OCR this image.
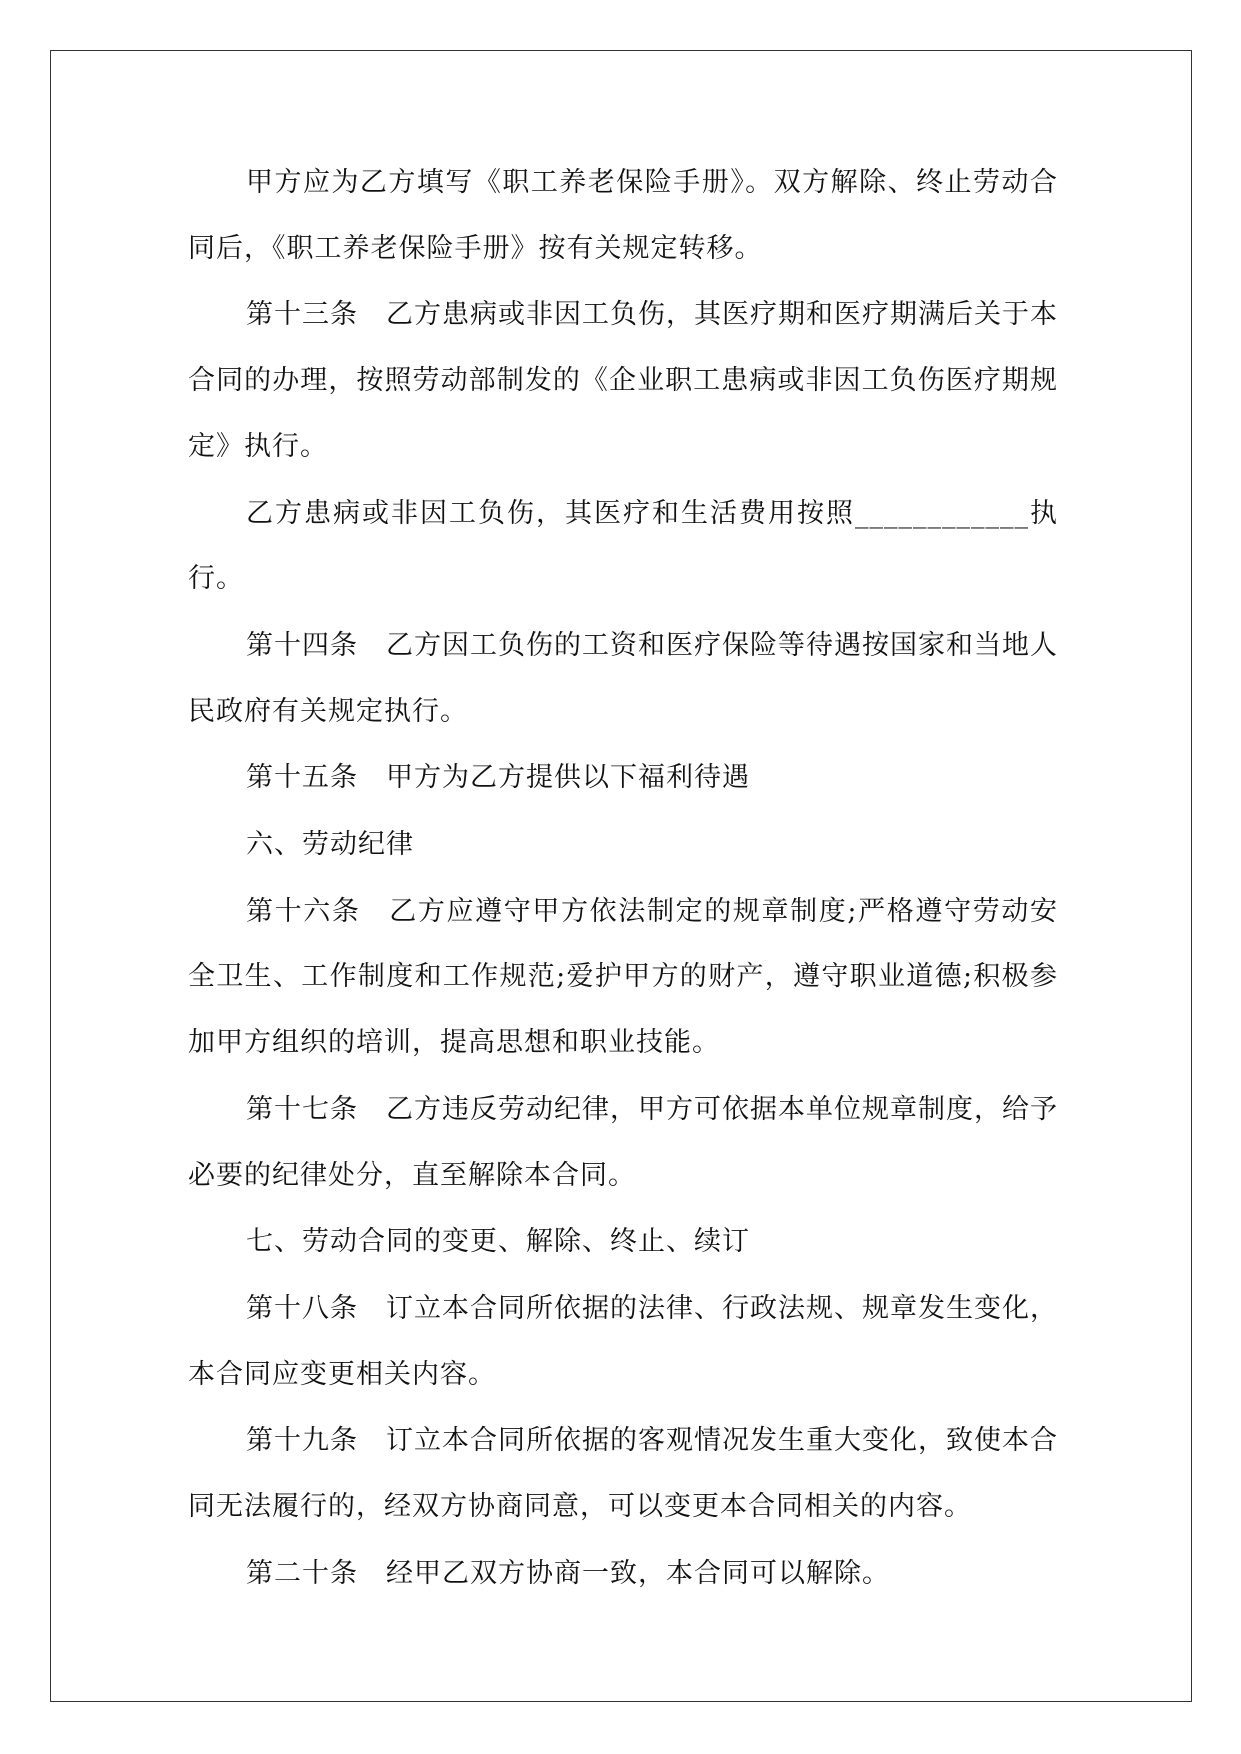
甲方应为乙方填写《职工养老保险手册》。双方解除、终止劳动合同后，《职工养老保险手册》按有关规定转移。

第十三条　乙方患病或非因工负伤，其医疗期和医疗期满后关于本合同的办理，按照劳动部制发的《企业职工患病或非因工负伤医疗期规定》执行。

乙方患病或非因工负伤，其医疗和生活费用按照____________执行。

第十四条　乙方因工负伤的工资和医疗保险等待遇按国家和当地人民政府有关规定执行。

第十五条　甲方为乙方提供以下福利待遇

六、劳动纪律

第十六条　乙方应遵守甲方依法制定的规章制度;严格遵守劳动安全卫生、工作制度和工作规范;爱护甲方的财产，遵守职业道德;积极参加甲方组织的培训，提高思想和职业技能。

第十七条　乙方违反劳动纪律，甲方可依据本单位规章制度，给予必要的纪律处分，直至解除本合同。

七、劳动合同的变更、解除、终止、续订

第十八条　订立本合同所依据的法律、行政法规、规章发生变化，本合同应变更相关内容。

第十九条　订立本合同所依据的客观情况发生重大变化，致使本合同无法履行的，经双方协商同意，可以变更本合同相关的内容。

第二十条　经甲乙双方协商一致，本合同可以解除。
